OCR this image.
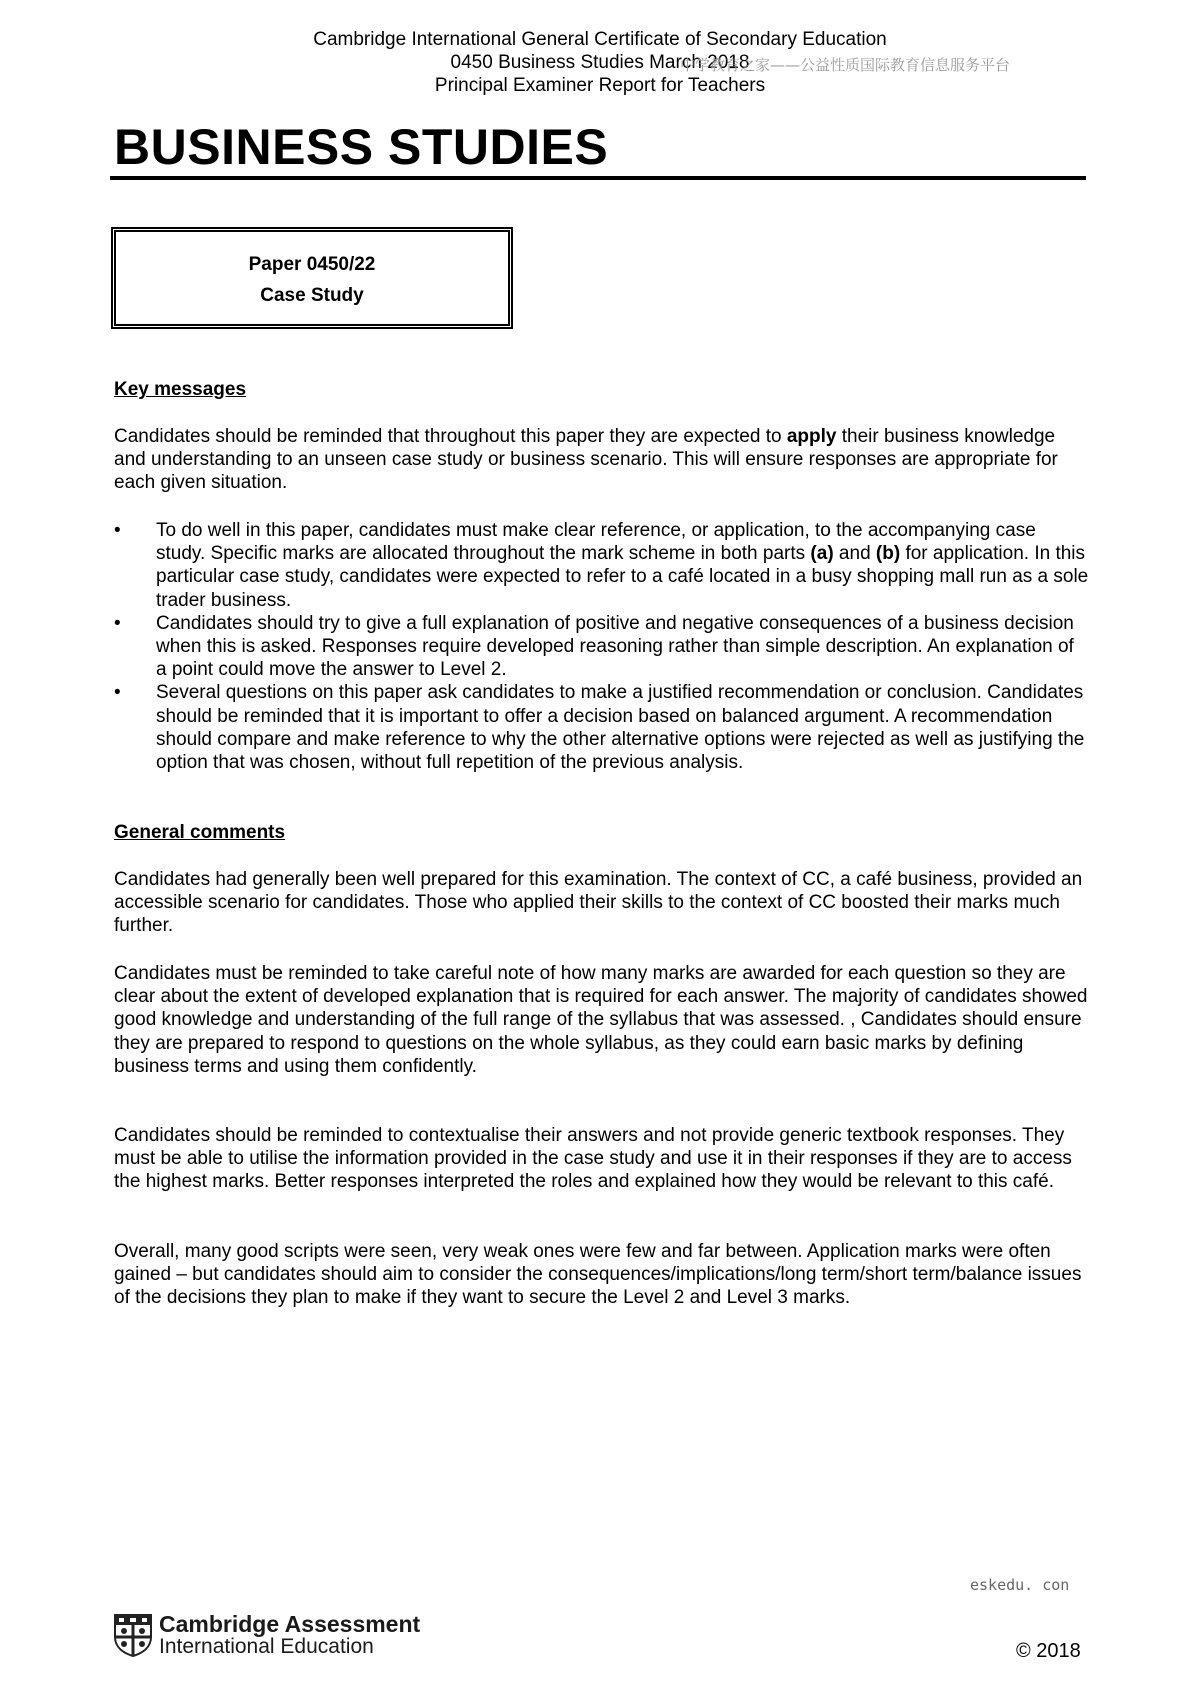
Cambridge International General Certificate of Secondary Education
0450 Business Studies March 2018
Principal Examiner Report for Teachers
中学教育之家——公益性质国际教育信息服务平台
BUSINESS STUDIES
Paper 0450/22
Case Study
Key messages
Candidates should be reminded that throughout this paper they are expected to apply their business knowledge and understanding to an unseen case study or business scenario. This will ensure responses are appropriate for each given situation.
• To do well in this paper, candidates must make clear reference, or application, to the accompanying case study. Specific marks are allocated throughout the mark scheme in both parts (a) and (b) for application. In this particular case study, candidates were expected to refer to a café located in a busy shopping mall run as a sole trader business.
• Candidates should try to give a full explanation of positive and negative consequences of a business decision when this is asked. Responses require developed reasoning rather than simple description. An explanation of a point could move the answer to Level 2.
• Several questions on this paper ask candidates to make a justified recommendation or conclusion. Candidates should be reminded that it is important to offer a decision based on balanced argument. A recommendation should compare and make reference to why the other alternative options were rejected as well as justifying the option that was chosen, without full repetition of the previous analysis.
General comments
Candidates had generally been well prepared for this examination. The context of CC, a café business, provided an accessible scenario for candidates. Those who applied their skills to the context of CC boosted their marks much further.
Candidates must be reminded to take careful note of how many marks are awarded for each question so they are clear about the extent of developed explanation that is required for each answer. The majority of candidates showed good knowledge and understanding of the full range of the syllabus that was assessed. , Candidates should ensure they are prepared to respond to questions on the whole syllabus, as they could earn basic marks by defining business terms and using them confidently.
Candidates should be reminded to contextualise their answers and not provide generic textbook responses. They must be able to utilise the information provided in the case study and use it in their responses if they are to access the highest marks. Better responses interpreted the roles and explained how they would be relevant to this café.
Overall, many good scripts were seen, very weak ones were few and far between. Application marks were often gained – but candidates should aim to consider the consequences/implications/long term/short term/balance issues of the decisions they plan to make if they want to secure the Level 2 and Level 3 marks.
eskedu. con
Cambridge Assessment
International Education	© 2018
